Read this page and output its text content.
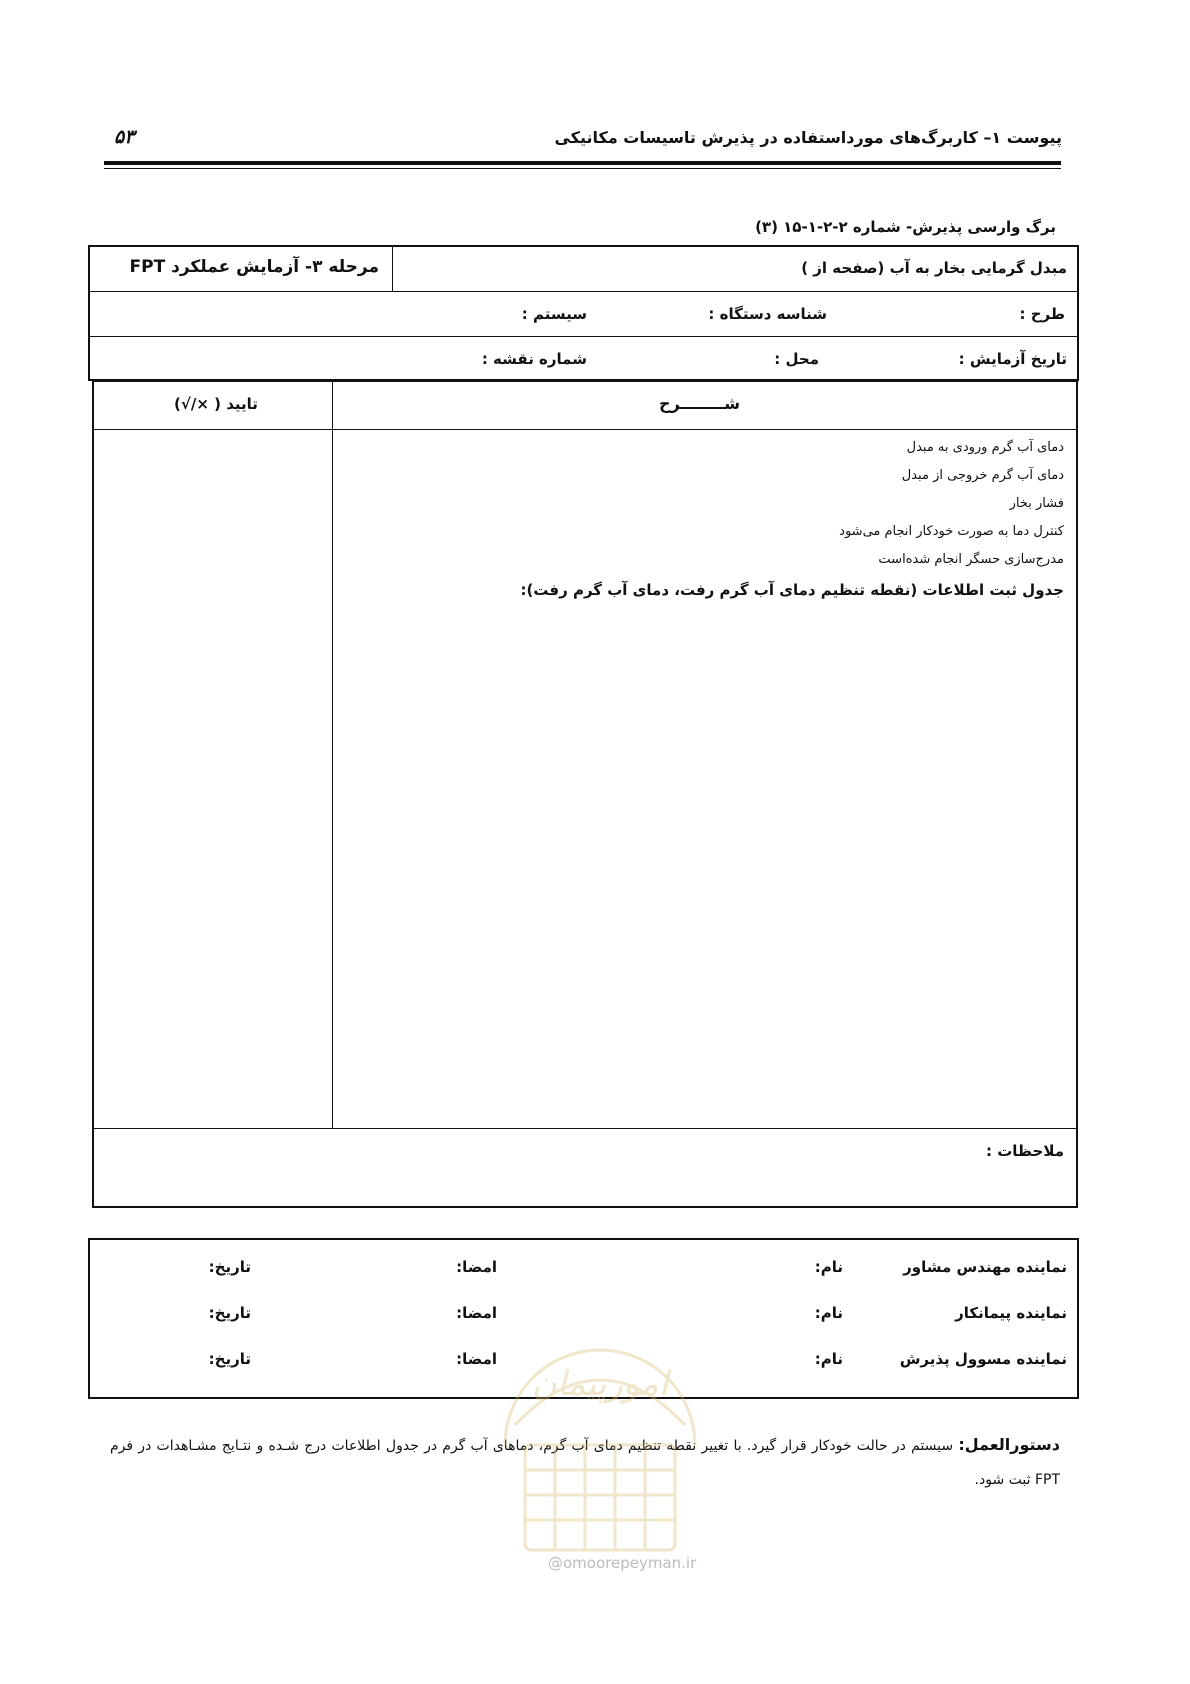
پیوست ۱– کاربرگ‌های مورداستفاده در پذیرش تاسیسات مکانیکی
۵۳
برگ وارسی پذیرش- شماره ۲-۲-۱-۱۵ (۳)
مبدل گرمایی بخار به آب (صفحه از )
مرحله ۳- آزمایش عملکرد FPT
طرح :
شناسه دستگاه :
سیستم :
تاریخ آزمایش :
محل :
شماره نقشه :
شــــــــرح
تایید ( ×/√)
دمای آب گرم ورودی به مبدل
دمای آب گرم خروجی از مبدل
فشار بخار
کنترل دما به صورت خودکار انجام می‌شود
مدرج‌سازی حسگر انجام شده‌است
جدول ثبت اطلاعات (نقطه تنظیم دمای آب گرم رفت، دمای آب گرم رفت):
ملاحظات :
نماینده مهندس مشاور
نام:
امضا:
تاریخ:
نماینده پیمانکار
نام:
امضا:
تاریخ:
نماینده مسوول پذیرش
نام:
امضا:
تاریخ:
دستورالعمل: سیستم در حالت خودکار قرار گیرد. با تغییر نقطه تنظیم دمای آب گرم، دماهای آب گرم در جدول اطلاعات درج شـده و نتـایج مشـاهدات در فرم FPT ثبت شود.
امورپیمان
@omoorepeyman.ir
